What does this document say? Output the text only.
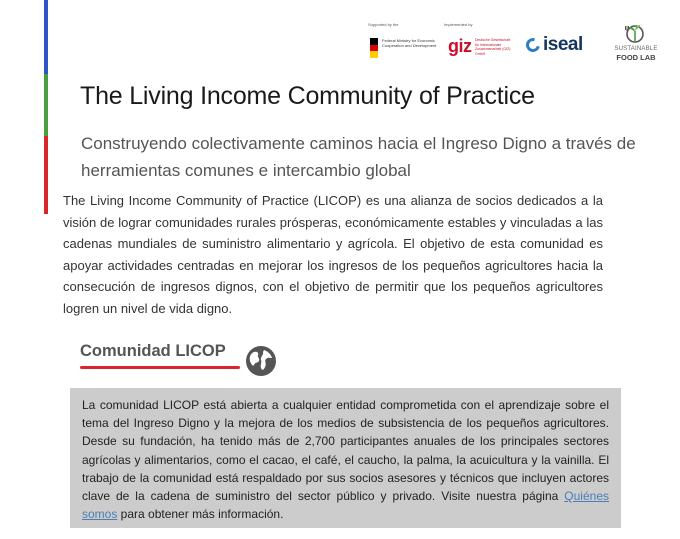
Supported by the
Federal Ministry for Economic Cooperation and Development
Implemented by
giz Deutsche Gesellschaft für Internationale Zusammenarbeit (GIZ) GmbH	iseal	SUSTAINABLE
FOOD LAB
The Living Income Community of Practice

Construyendo colectivamente caminos hacia el Ingreso Digno a través de herramientas comunes e intercambio global

The Living Income Community of Practice (LICOP) es una alianza de socios dedicados a la visión de lograr comunidades rurales prósperas, económicamente estables y vinculadas a las cadenas mundiales de suministro alimentario y agrícola. El objetivo de esta comunidad es apoyar actividades centradas en mejorar los ingresos de los pequeños agricultores hacia la consecución de ingresos dignos, con el objetivo de permitir que los pequeños agricultores logren un nivel de vida digno.

Comunidad LICOP

La comunidad LICOP está abierta a cualquier entidad comprometida con el aprendizaje sobre el tema del Ingreso Digno y la mejora de los medios de subsistencia de los pequeños agricultores. Desde su fundación, ha tenido más de 2,700 participantes anuales de los principales sectores agrícolas y alimentarios, como el cacao, el café, el caucho, la palma, la acuicultura y la vainilla. El trabajo de la comunidad está respaldado por sus socios asesores y técnicos que incluyen actores clave de la cadena de suministro del sector público y privado. Visite nuestra página Quiénes somos para obtener más información.
